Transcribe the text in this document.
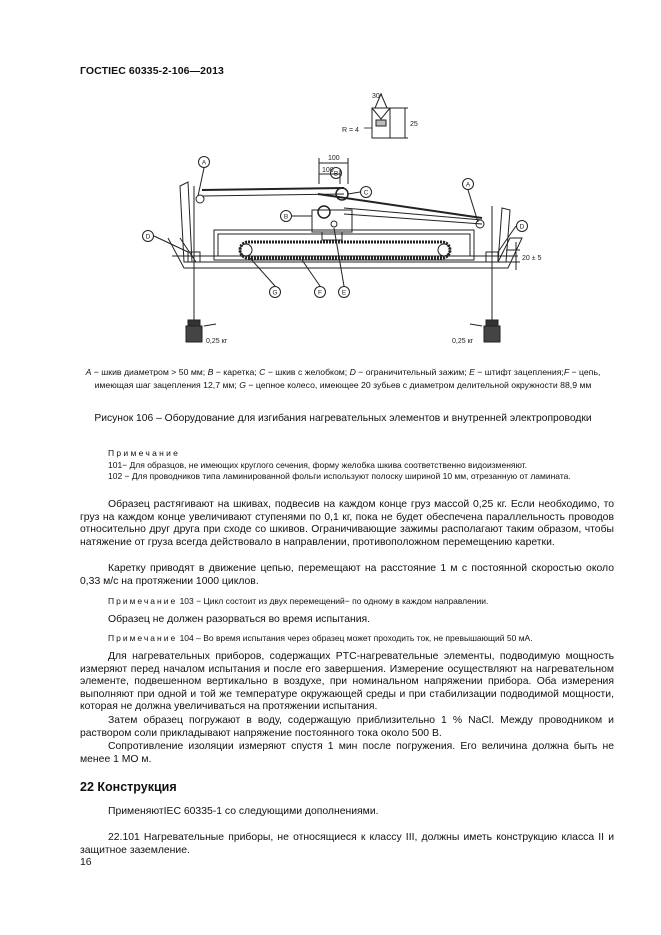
ГОСТIEC 60335-2-106—2013
30°
R = 4
25
100
100
20 ± 5
0,25 кг	0,25 кг
A
D
B
C
B
A
D
G	F	E
A − шкив диаметром > 50 мм; B − каретка; C − шкив с желобком; D − ограничительный зажим; E − штифт зацепления;F − цепь, имеющая шаг зацепления 12,7 мм; G − цепное колесо, имеющее 20 зубьев с диаметром делительной окружности 88,9 мм
Рисунок 106 – Оборудование для изгибания нагревательных элементов и внутренней электропроводки
Примечание
101− Для образцов, не имеющих круглого сечения, форму желобка шкива соответственно видоизменяют.
102 − Для проводников типа ламинированной фольги используют полоску шириной 10 мм, отрезанную от ламината.
Образец растягивают на шкивах, подвесив на каждом конце груз массой 0,25 кг. Если необходимо, то груз на каждом конце увеличивают ступенями по 0,1 кг, пока не будет обеспечена параллельность проводов относительно друг друга при сходе со шкивов. Ограничивающие зажимы располагают таким образом, чтобы натяжение от груза всегда действовало в направлении, противоположном перемещению каретки.
Каретку приводят в движение цепью, перемещают на расстояние 1 м с постоянной скоростью около 0,33 м/с на протяжении 1000 циклов.
Примечание 103 − Цикл состоит из двух перемещений− по одному в каждом направлении.
Образец не должен разорваться во время испытания.
Примечание 104 – Во время испытания через образец может проходить ток, не превышающий 50 мА.
Для нагревательных приборов, содержащих PTC-нагревательные элементы, подводимую мощность измеряют перед началом испытания и после его завершения. Измерение осуществляют на нагревательном элементе, подвешенном вертикально в воздухе, при номинальном напряжении прибора. Оба измерения выполняют при одной и той же температуре окружающей среды и при стабилизации подводимой мощности, которая не должна увеличиваться на протяжении испытания.
Затем образец погружают в воду, содержащую приблизительно 1 % NaCl. Между проводником и раствором соли прикладывают напряжение постоянного тока около 500 В.
Сопротивление изоляции измеряют спустя 1 мин после погружения. Его величина должна быть не менее 1 МО м.
22 Конструкция
ПрименяютIEC 60335-1 со следующими дополнениями.
22.101 Нагревательные приборы, не относящиеся к классу III, должны иметь конструкцию класса II и защитное заземление.
16
